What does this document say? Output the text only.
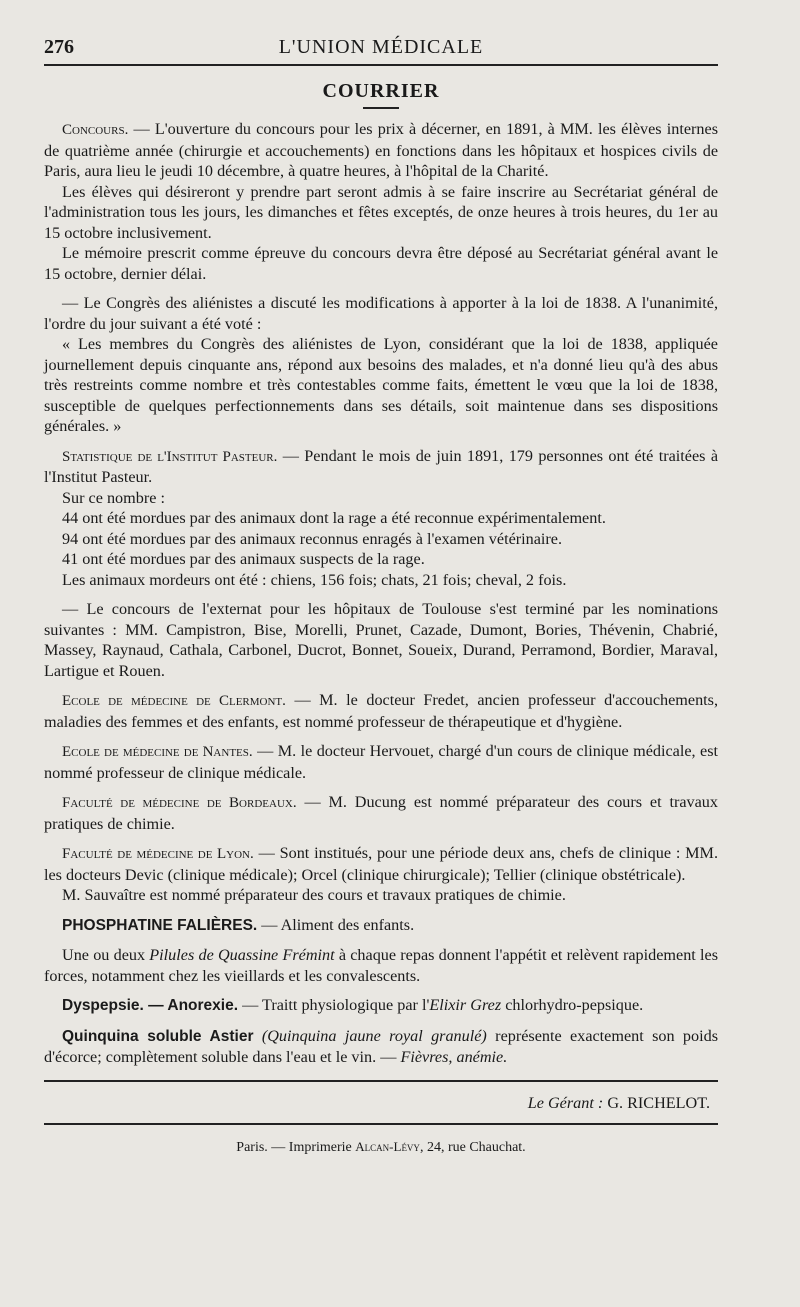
276	L'UNION MÉDICALE
COURRIER

Concours. — L'ouverture du concours pour les prix à décerner, en 1891, à MM. les élèves internes de quatrième année (chirurgie et accouchements) en fonctions dans les hôpitaux et hospices civils de Paris, aura lieu le jeudi 10 décembre, à quatre heures, à l'hôpital de la Charité.

Les élèves qui désireront y prendre part seront admis à se faire inscrire au Secrétariat général de l'administration tous les jours, les dimanches et fêtes exceptés, de onze heures à trois heures, du 1er au 15 octobre inclusivement.

Le mémoire prescrit comme épreuve du concours devra être déposé au Secrétariat général avant le 15 octobre, dernier délai.

— Le Congrès des aliénistes a discuté les modifications à apporter à la loi de 1838. A l'unanimité, l'ordre du jour suivant a été voté :

« Les membres du Congrès des aliénistes de Lyon, considérant que la loi de 1838, appliquée journellement depuis cinquante ans, répond aux besoins des malades, et n'a donné lieu qu'à des abus très restreints comme nombre et très contestables comme faits, émettent le vœu que la loi de 1838, susceptible de quelques perfectionnements dans ses détails, soit maintenue dans ses dispositions générales. »

Statistique de l'Institut Pasteur. — Pendant le mois de juin 1891, 179 personnes ont été traitées à l'Institut Pasteur.

Sur ce nombre :

44 ont été mordues par des animaux dont la rage a été reconnue expérimentalement.

94 ont été mordues par des animaux reconnus enragés à l'examen vétérinaire.

41 ont été mordues par des animaux suspects de la rage.

Les animaux mordeurs ont été : chiens, 156 fois; chats, 21 fois; cheval, 2 fois.

— Le concours de l'externat pour les hôpitaux de Toulouse s'est terminé par les nominations suivantes : MM. Campistron, Bise, Morelli, Prunet, Cazade, Dumont, Bories, Thévenin, Chabrié, Massey, Raynaud, Cathala, Carbonel, Ducrot, Bonnet, Soueix, Durand, Perramond, Bordier, Maraval, Lartigue et Rouen.

Ecole de médecine de Clermont. — M. le docteur Fredet, ancien professeur d'accouchements, maladies des femmes et des enfants, est nommé professeur de thérapeutique et d'hygiène.

Ecole de médecine de Nantes. — M. le docteur Hervouet, chargé d'un cours de clinique médicale, est nommé professeur de clinique médicale.

Faculté de médecine de Bordeaux. — M. Ducung est nommé préparateur des cours et travaux pratiques de chimie.

Faculté de médecine de Lyon. — Sont institués, pour une période deux ans, chefs de clinique : MM. les docteurs Devic (clinique médicale); Orcel (clinique chirurgicale); Tellier (clinique obstétricale).

M. Sauvaître est nommé préparateur des cours et travaux pratiques de chimie.

PHOSPHATINE FALIÈRES. — Aliment des enfants.

Une ou deux Pilules de Quassine Frémint à chaque repas donnent l'appétit et relèvent rapidement les forces, notamment chez les vieillards et les convalescents.

Dyspepsie. — Anorexie. — Traitt physiologique par l'Elixir Grez chlorhydro-pepsique.

Quinquina soluble Astier (Quinquina jaune royal granulé) représente exactement son poids d'écorce; complètement soluble dans l'eau et le vin. — Fièvres, anémie.

Le Gérant : G. RICHELOT.
Paris. — Imprimerie Alcan-Lévy, 24, rue Chauchat.
